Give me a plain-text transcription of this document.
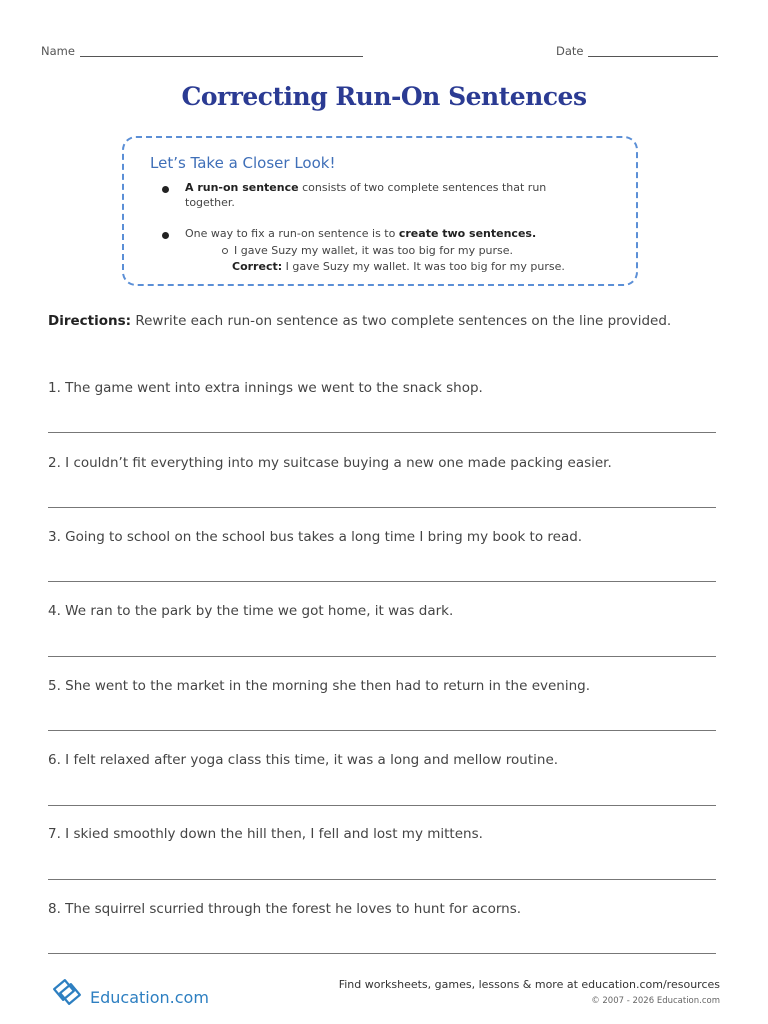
Name	Date
Correcting Run-On Sentences
Let’s Take a Closer Look!
A run-on sentence consists of two complete sentences that run together.
One way to fix a run-on sentence is to create two sentences.
I gave Suzy my wallet, it was too big for my purse.
Correct: I gave Suzy my wallet. It was too big for my purse.
Directions: Rewrite each run-on sentence as two complete sentences on the line provided.
1. The game went into extra innings we went to the snack shop.
2. I couldn’t fit everything into my suitcase buying a new one made packing easier.
3. Going to school on the school bus takes a long time I bring my book to read.
4. We ran to the park by the time we got home, it was dark.
5. She went to the market in the morning she then had to return in the evening.
6. I felt relaxed after yoga class this time, it was a long and mellow routine.
7. I skied smoothly down the hill then, I fell and lost my mittens.
8. The squirrel scurried through the forest he loves to hunt for acorns.
Education.com
Find worksheets, games, lessons & more at education.com/resources
© 2007 - 2026 Education.com
